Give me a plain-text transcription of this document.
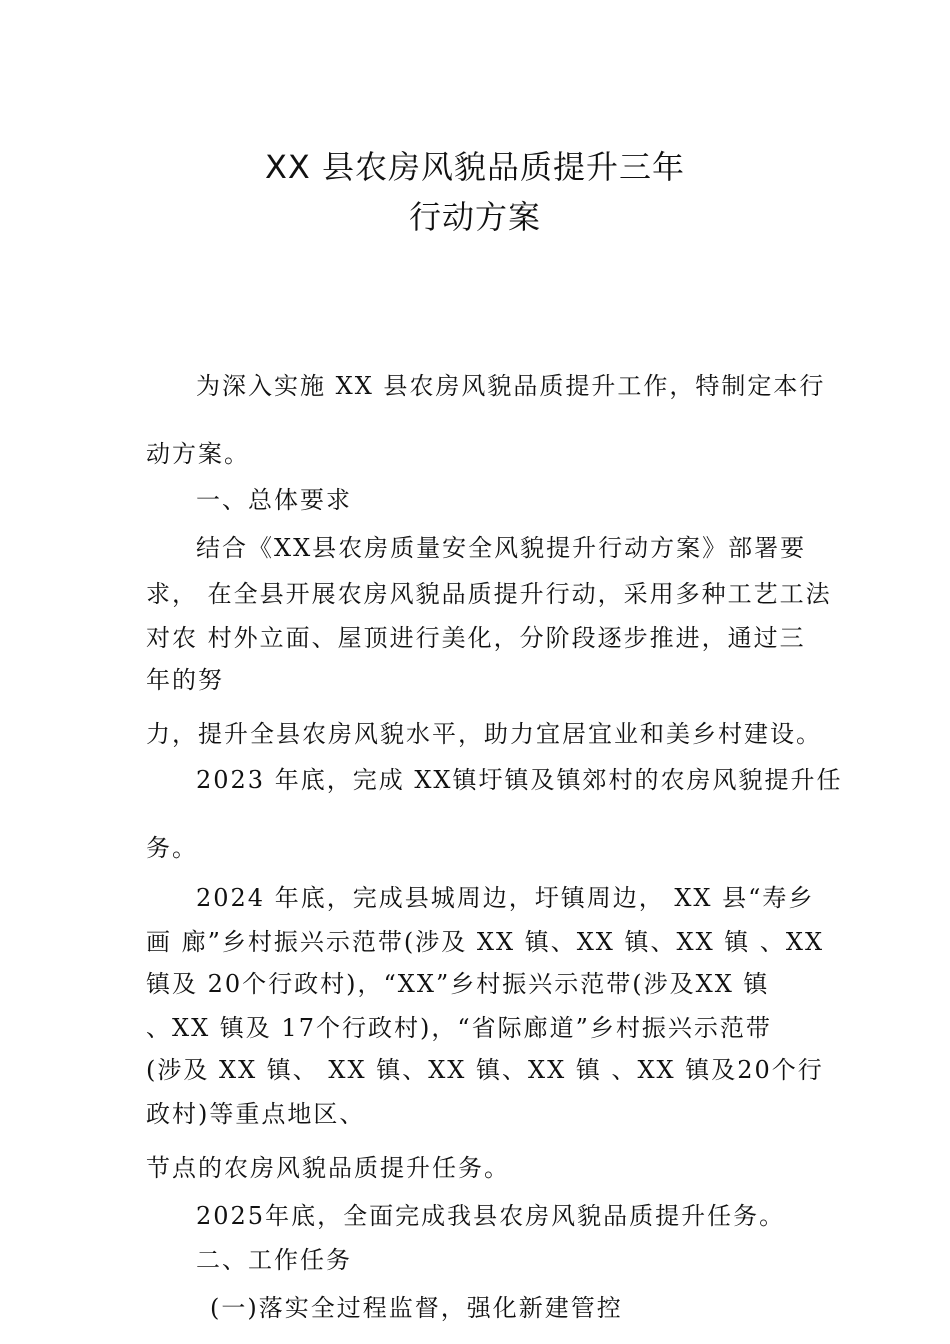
XX 县农房风貌品质提升三年
行动方案
为深入实施 XX 县农房风貌品质提升工作，特制定本行
动方案。
一、总体要求
结合《XX县农房质量安全风貌提升行动方案》部署要
求， 在全县开展农房风貌品质提升行动，采用多种工艺工法
对农 村外立面、屋顶进行美化，分阶段逐步推进，通过三
年的努
力，提升全县农房风貌水平，助力宜居宜业和美乡村建设。
2023 年底，完成 XX镇圩镇及镇郊村的农房风貌提升任
务。
2024 年底，完成县城周边，圩镇周边， XX 县“寿乡
画 廊”乡村振兴示范带(涉及 XX 镇、XX 镇、XX 镇 、XX
镇及 20个行政村)，“XX”乡村振兴示范带(涉及XX 镇
、XX 镇及 17个行政村)，“省际廊道”乡村振兴示范带
(涉及 XX 镇、 XX 镇、XX 镇、XX 镇 、XX 镇及20个行
政村)等重点地区、
节点的农房风貌品质提升任务。
2025年底，全面完成我县农房风貌品质提升任务。
二、工作任务
(一)落实全过程监督，强化新建管控
